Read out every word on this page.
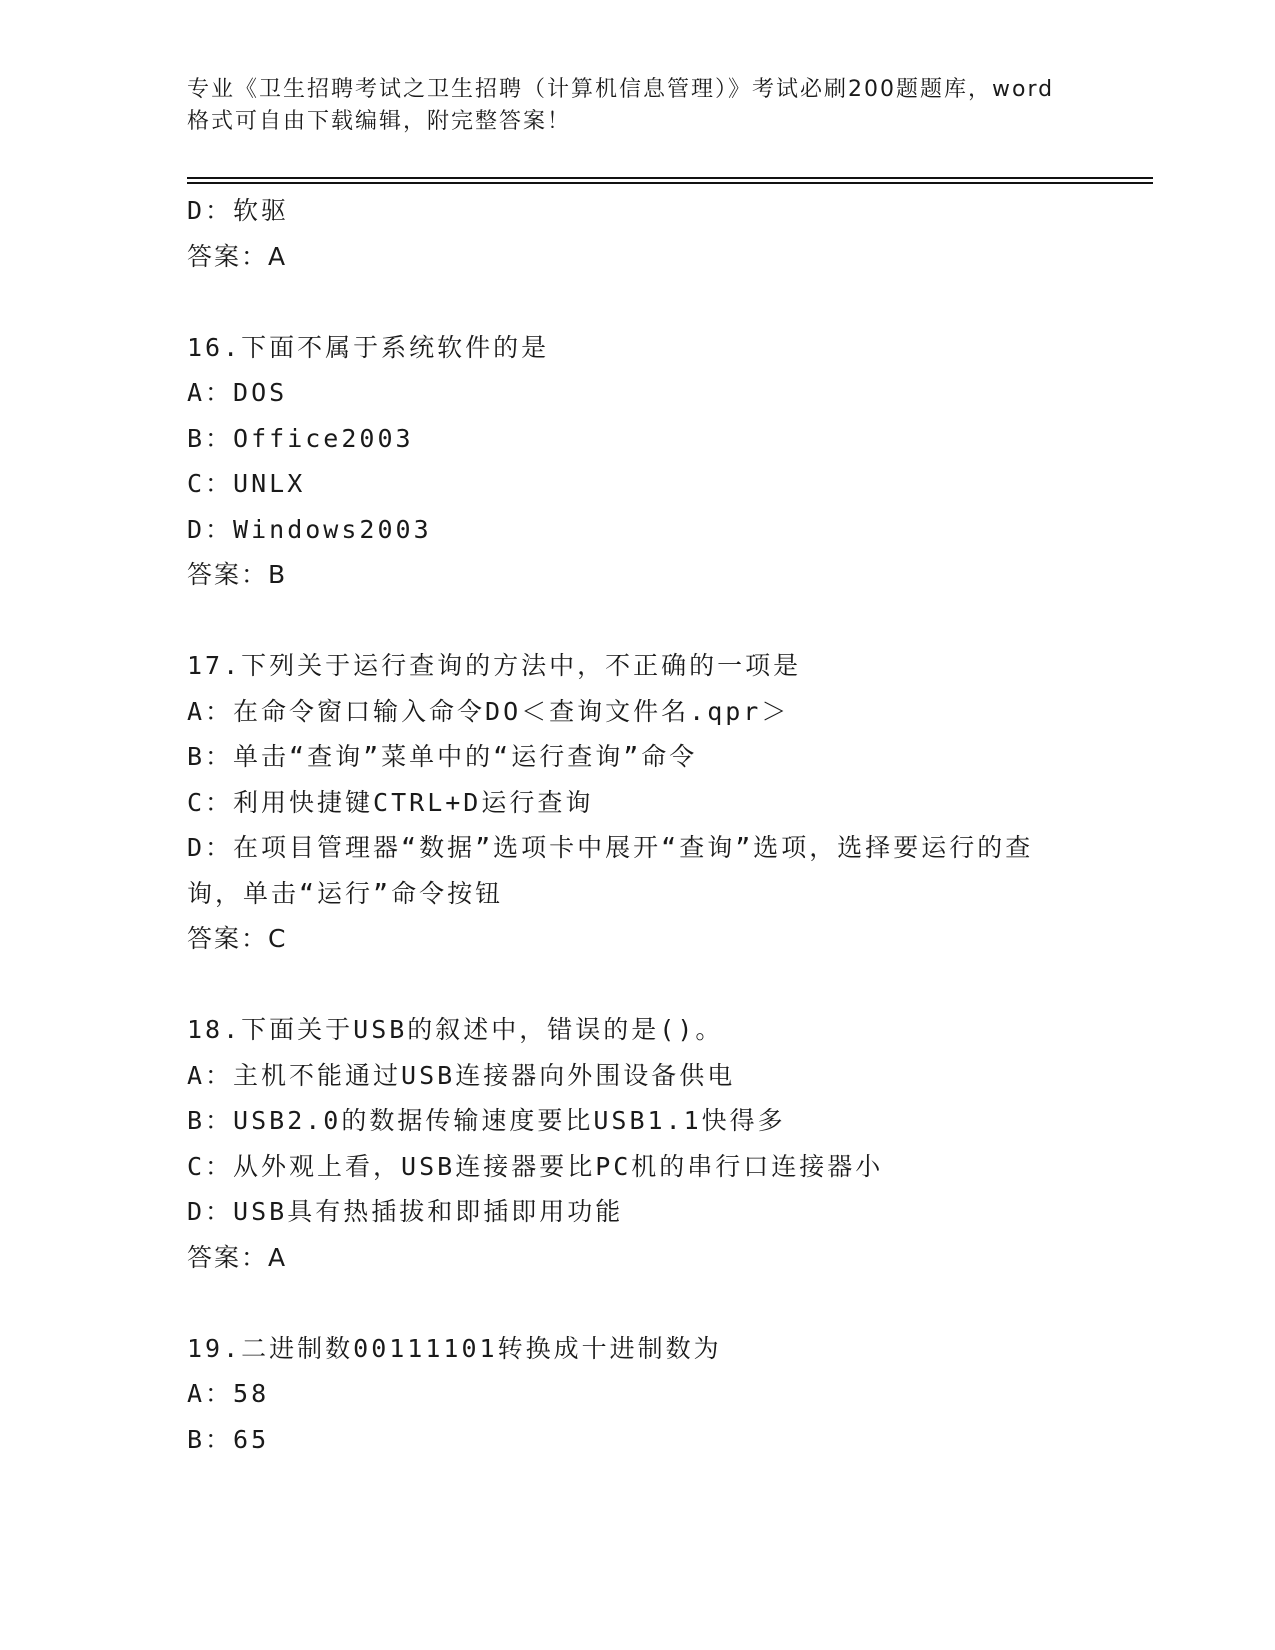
专业《卫生招聘考试之卫生招聘（计算机信息管理）》考试必刷200题题库，word
格式可自由下载编辑，附完整答案！
D：软驱
答案：A
16.下面不属于系统软件的是
A：DOS
B：Office2003
C：UNLX
D：Windows2003
答案：B
17.下列关于运行查询的方法中，不正确的一项是
A：在命令窗口输入命令DO＜查询文件名.qpr＞
B：单击“查询”菜单中的“运行查询”命令
C：利用快捷键CTRL+D运行查询
D：在项目管理器“数据”选项卡中展开“查询”选项，选择要运行的查询，单击“运行”命令按钮
答案：C
18.下面关于USB的叙述中，错误的是()。
A：主机不能通过USB连接器向外围设备供电
B：USB2.0的数据传输速度要比USB1.1快得多
C：从外观上看，USB连接器要比PC机的串行口连接器小
D：USB具有热插拔和即插即用功能
答案：A
19.二进制数00111101转换成十进制数为
A：58
B：65
